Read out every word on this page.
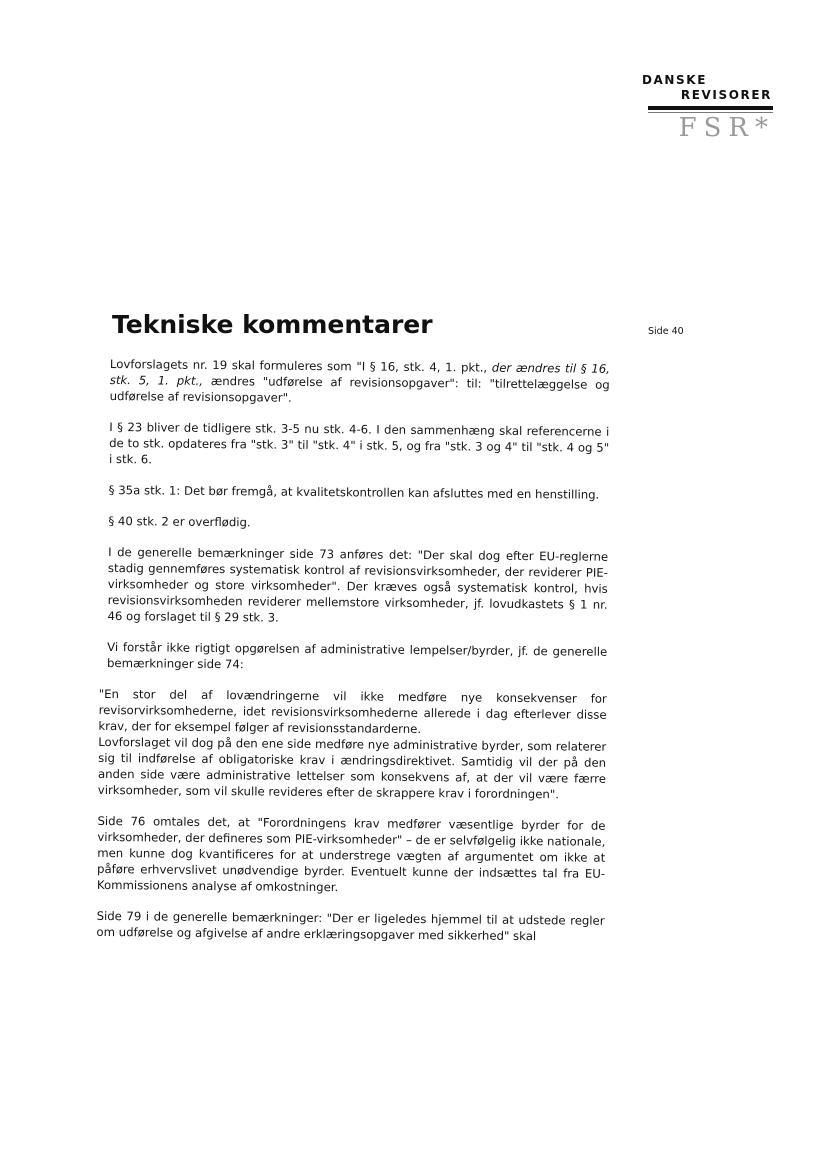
DANSKE
REVISORER
FSR*
Tekniske kommentarer	Side 40

Lovforslagets nr. 19 skal formuleres som "I § 16, stk. 4, 1. pkt., der ændres til § 16, stk. 5, 1. pkt., ændres "udførelse af revisionsopgaver": til: "tilrettelæggelse og udførelse af revisionsopgaver".

I § 23 bliver de tidligere stk. 3-5 nu stk. 4-6. I den sammenhæng skal referencerne i de to stk. opdateres fra "stk. 3" til "stk. 4" i stk. 5, og fra "stk. 3 og 4" til "stk. 4 og 5" i stk. 6.

§ 35a stk. 1: Det bør fremgå, at kvalitetskontrollen kan afsluttes med en henstilling.

§ 40 stk. 2 er overflødig.

I de generelle bemærkninger side 73 anføres det: "Der skal dog efter EU-reglerne stadig gennemføres systematisk kontrol af revisionsvirksomheder, der reviderer PIE-virksomheder og store virksomheder". Der kræves også systematisk kontrol, hvis revisionsvirksomheden reviderer mellemstore virksomheder, jf. lovudkastets § 1 nr. 46 og forslaget til § 29 stk. 3.

Vi forstår ikke rigtigt opgørelsen af administrative lempelser/byrder, jf. de generelle bemærkninger side 74:

"En stor del af lovændringerne vil ikke medføre nye konsekvenser for revisorvirksomhederne, idet revisionsvirksomhederne allerede i dag efterlever disse krav, der for eksempel følger af revisionsstandarderne.

Lovforslaget vil dog på den ene side medføre nye administrative byrder, som relaterer sig til indførelse af obligatoriske krav i ændringsdirektivet. Samtidig vil der på den anden side være administrative lettelser som konsekvens af, at der vil være færre virksomheder, som vil skulle revideres efter de skrappere krav i forordningen".

Side 76 omtales det, at "Forordningens krav medfører væsentlige byrder for de virksomheder, der defineres som PIE-virksomheder" – de er selvfølgelig ikke nationale, men kunne dog kvantificeres for at understrege vægten af argumentet om ikke at påføre erhvervslivet unødvendige byrder. Eventuelt kunne der indsættes tal fra EU-Kommissionens analyse af omkostninger.

Side 79 i de generelle bemærkninger: "Der er ligeledes hjemmel til at udstede regler om udførelse og afgivelse af andre erklæringsopgaver med sikkerhed" skal
